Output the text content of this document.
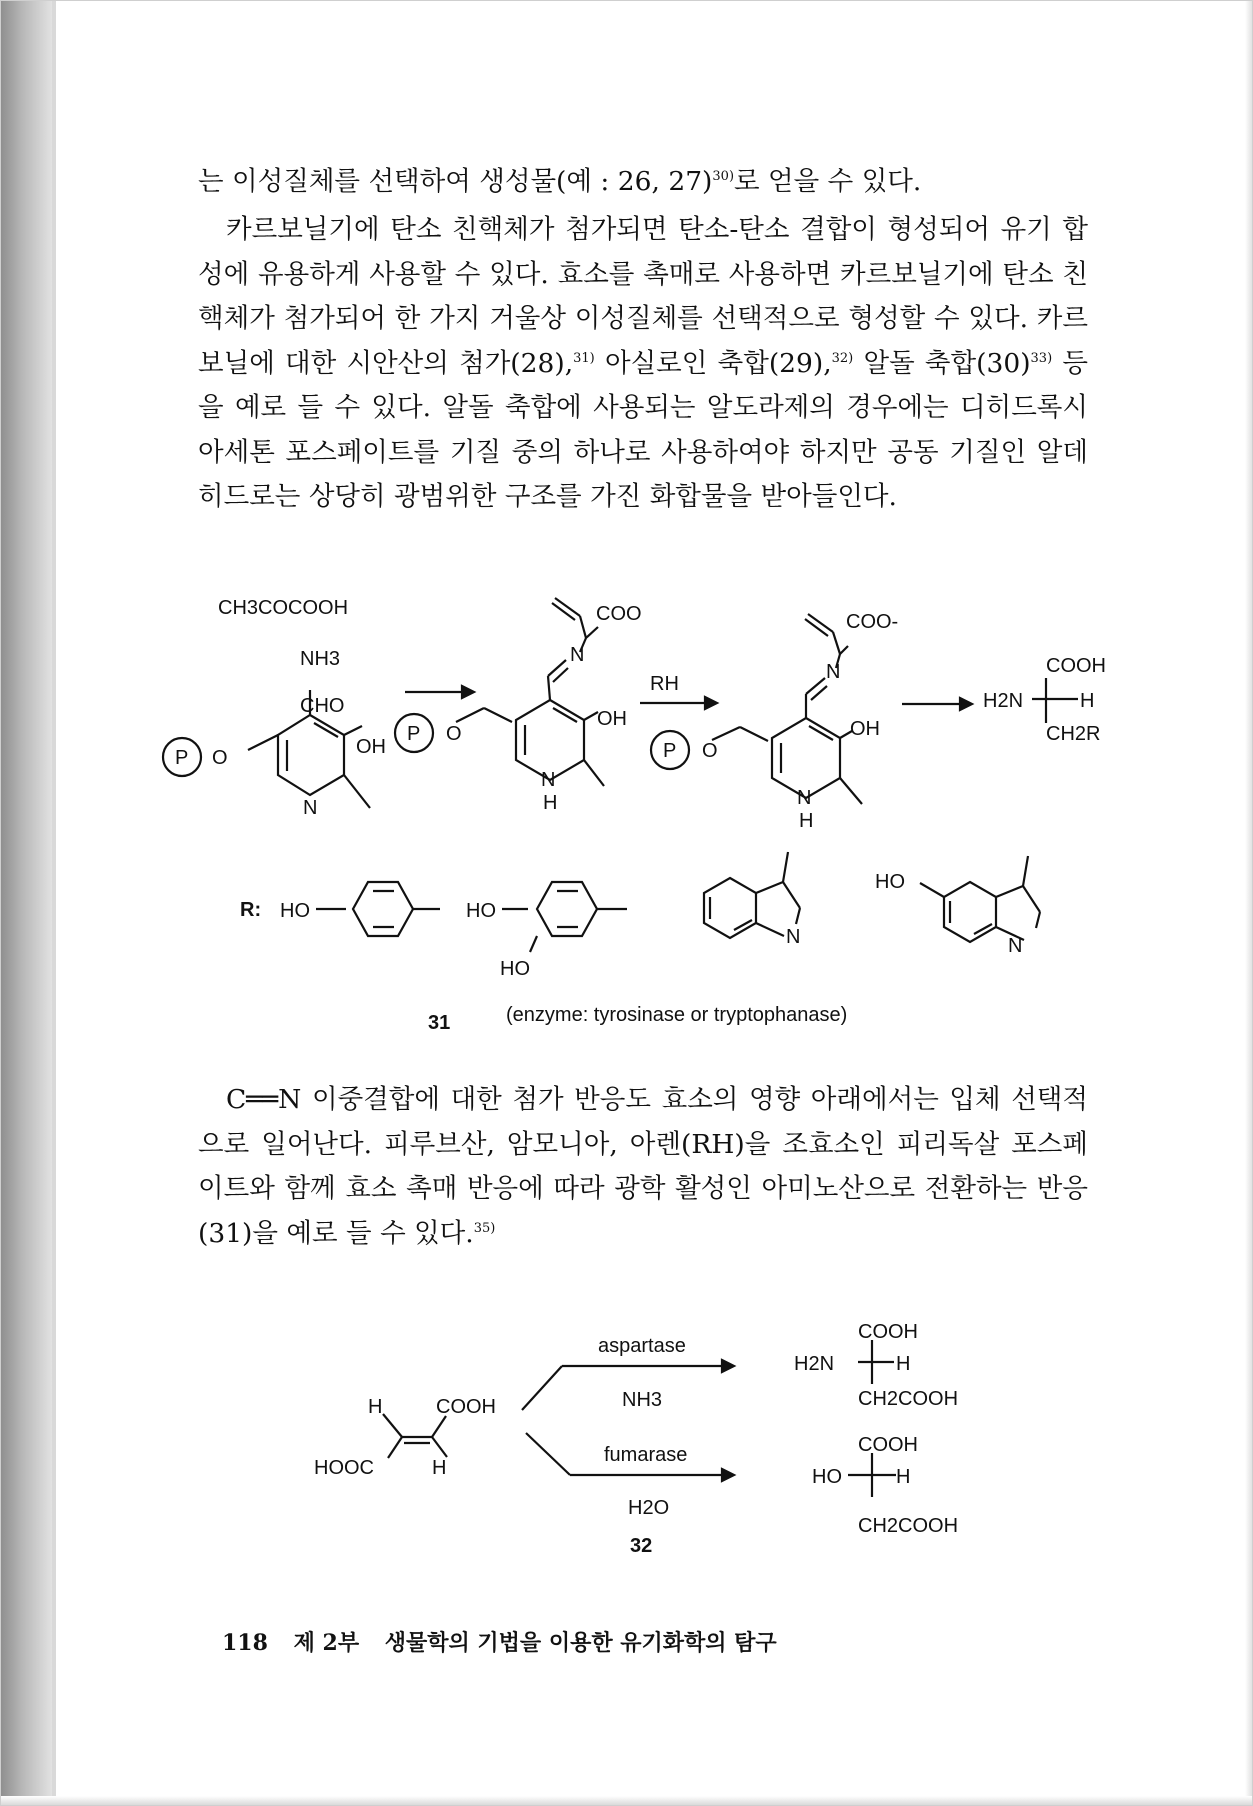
는 이성질체를 선택하여 생성물(예 : 26, 27)$^{30)}$로 얻을 수 있다.

카르보닐기에 탄소 친핵체가 첨가되면 탄소-탄소 결합이 형성되어 유기 합성에 유용하게 사용할 수 있다. 효소를 촉매로 사용하면 카르보닐기에 탄소 친핵체가 첨가되어 한 가지 거울상 이성질체를 선택적으로 형성할 수 있다. 카르보닐에 대한 시안산의 첨가(28),$^{31)}$ 아실로인 축합(29),$^{32)}$ 알돌 축합$(30)^{33)}$ 등을 예로 들 수 있다. 알돌 축합에 사용되는 알도라제의 경우에는 디히드록시 아세톤 포스페이트를 기질 중의 하나로 사용하여야 하지만 공동 기질인 알데히드로는 상당히 광범위한 구조를 가진 화합물을 받아들인다.

CH3COCOOH
NH3
CHO
OH
P O
N
P O
OH
N
H
N
COO
RH
P O
OH
N
H
N
COO-
COOH
H2N	H
CH2R
R: HO	HO
HO
N	N
HO
31	(enzyme: tyrosinase or tryptophanase)

C══N 이중결합에 대한 첨가 반응도 효소의 영향 아래에서는 입체 선택적으로 일어난다. 피루브산, 암모니아, 아렌(RH)을 조효소인 피리독살 포스페이트와 함께 효소 촉매 반응에 따라 광학 활성인 아미노산으로 전환하는 반응(31)을 예로 들 수 있다.$^{35)}$

H	COOH
HOOC	H
aspartase
NH3
fumarase
H2O
32
COOH
H2N	H
CH2COOH
COOH
HO	H
CH2COOH
118 제 2부 생물학의 기법을 이용한 유기화학의 탐구
